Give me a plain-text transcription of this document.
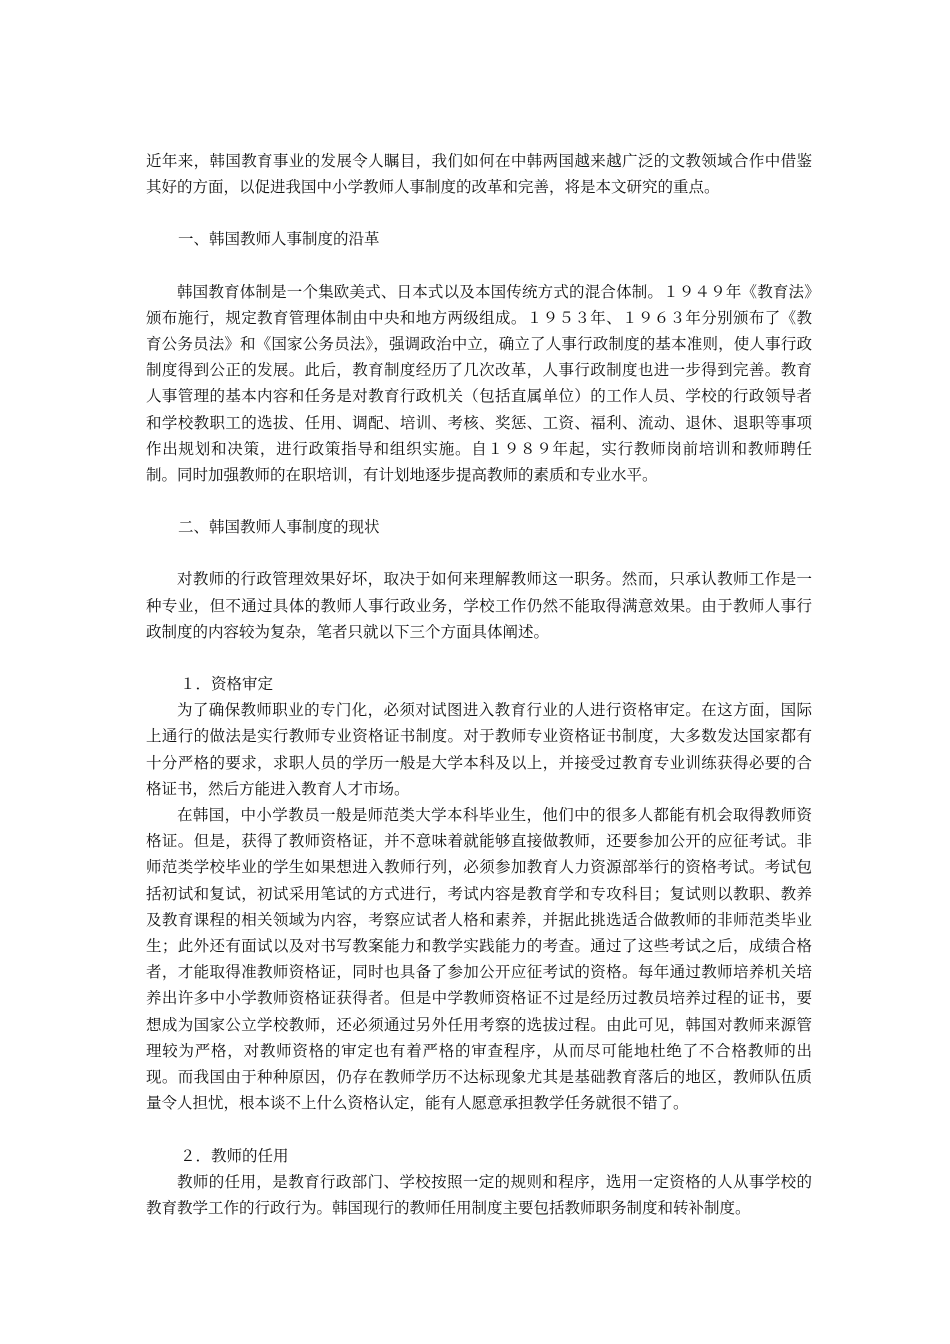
近年来，韩国教育事业的发展令人瞩目，我们如何在中韩两国越来越广泛的文教领域合作中借鉴其好的方面，以促进我国中小学教师人事制度的改革和完善，将是本文研究的重点。

一、韩国教师人事制度的沿革

韩国教育体制是一个集欧美式、日本式以及本国传统方式的混合体制。１９４９年《教育法》颁布施行，规定教育管理体制由中央和地方两级组成。１９５３年、１９６３年分别颁布了《教育公务员法》和《国家公务员法》，强调政治中立，确立了人事行政制度的基本准则，使人事行政制度得到公正的发展。此后，教育制度经历了几次改革，人事行政制度也进一步得到完善。教育人事管理的基本内容和任务是对教育行政机关（包括直属单位）的工作人员、学校的行政领导者和学校教职工的选拔、任用、调配、培训、考核、奖惩、工资、福利、流动、退休、退职等事项作出规划和决策，进行政策指导和组织实施。自１９８９年起，实行教师岗前培训和教师聘任制。同时加强教师的在职培训，有计划地逐步提高教师的素质和专业水平。

二、韩国教师人事制度的现状

对教师的行政管理效果好坏，取决于如何来理解教师这一职务。然而，只承认教师工作是一种专业，但不通过具体的教师人事行政业务，学校工作仍然不能取得满意效果。由于教师人事行政制度的内容较为复杂，笔者只就以下三个方面具体阐述。

１．资格审定

为了确保教师职业的专门化，必须对试图进入教育行业的人进行资格审定。在这方面，国际上通行的做法是实行教师专业资格证书制度。对于教师专业资格证书制度，大多数发达国家都有十分严格的要求，求职人员的学历一般是大学本科及以上，并接受过教育专业训练获得必要的合格证书，然后方能进入教育人才市场。

在韩国，中小学教员一般是师范类大学本科毕业生，他们中的很多人都能有机会取得教师资格证。但是，获得了教师资格证，并不意味着就能够直接做教师，还要参加公开的应征考试。非师范类学校毕业的学生如果想进入教师行列，必须参加教育人力资源部举行的资格考试。考试包括初试和复试，初试采用笔试的方式进行，考试内容是教育学和专攻科目；复试则以教职、教养及教育课程的相关领域为内容，考察应试者人格和素养，并据此挑选适合做教师的非师范类毕业生；此外还有面试以及对书写教案能力和教学实践能力的考查。通过了这些考试之后，成绩合格者，才能取得准教师资格证，同时也具备了参加公开应征考试的资格。每年通过教师培养机关培养出许多中小学教师资格证获得者。但是中学教师资格证不过是经历过教员培养过程的证书，要想成为国家公立学校教师，还必须通过另外任用考察的选拔过程。由此可见，韩国对教师来源管理较为严格，对教师资格的审定也有着严格的审查程序，从而尽可能地杜绝了不合格教师的出现。而我国由于种种原因，仍存在教师学历不达标现象尤其是基础教育落后的地区，教师队伍质量令人担忧，根本谈不上什么资格认定，能有人愿意承担教学任务就很不错了。

２．教师的任用

教师的任用，是教育行政部门、学校按照一定的规则和程序，选用一定资格的人从事学校的教育教学工作的行政行为。韩国现行的教师任用制度主要包括教师职务制度和转补制度。
